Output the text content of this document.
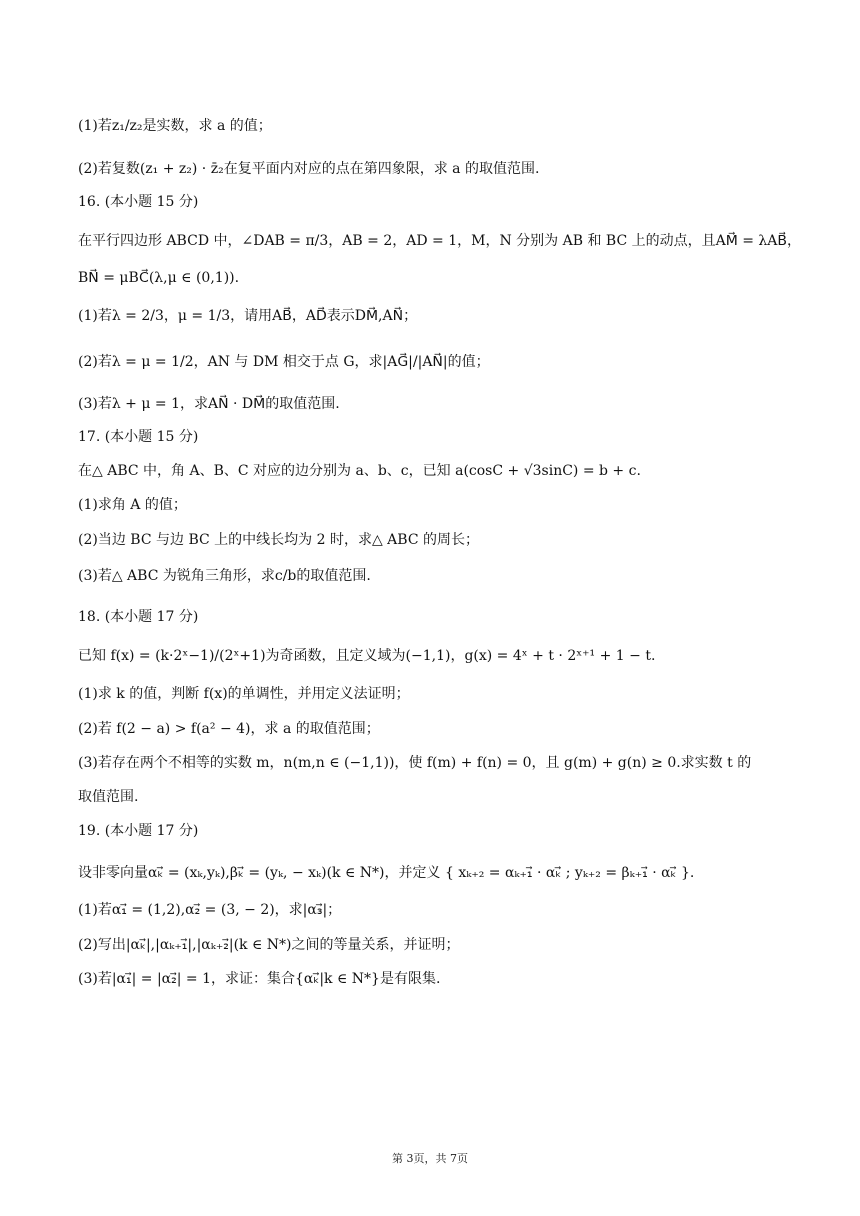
(1)若z₁/z₂是实数，求 a 的值；
(2)若复数(z₁ + z₂) · z̄₂在复平面内对应的点在第四象限，求 a 的取值范围.
16. (本小题 15 分)
在平行四边形 ABCD 中，∠DAB = π/3，AB = 2，AD = 1，M，N 分别为 AB 和 BC 上的动点，且AM⃗ = λAB⃗，
BN⃗ = μBC⃗(λ,μ ∈ (0,1)).
(1)若λ = 2/3，μ = 1/3，请用AB⃗，AD⃗表示DM⃗,AN⃗；
(2)若λ = μ = 1/2，AN 与 DM 相交于点 G，求|AG⃗|/|AN⃗|的值；
(3)若λ + μ = 1，求AN⃗ · DM⃗的取值范围.
17. (本小题 15 分)
在△ ABC 中，角 A、B、C 对应的边分别为 a、b、c，已知 a(cosC + √3sinC) = b + c.
(1)求角 A 的值；
(2)当边 BC 与边 BC 上的中线长均为 2 时，求△ ABC 的周长；
(3)若△ ABC 为锐角三角形，求c/b的取值范围.
18. (本小题 17 分)
已知 f(x) = (k·2ˣ−1)/(2ˣ+1)为奇函数，且定义域为(−1,1)，g(x) = 4ˣ + t · 2ˣ⁺¹ + 1 − t.
(1)求 k 的值，判断 f(x)的单调性，并用定义法证明；
(2)若 f(2 − a) > f(a² − 4)，求 a 的取值范围；
(3)若存在两个不相等的实数 m，n(m,n ∈ (−1,1))，使 f(m) + f(n) = 0，且 g(m) + g(n) ≥ 0.求实数 t 的
取值范围.
19. (本小题 17 分)
设非零向量αₖ⃗ = (xₖ,yₖ),βₖ⃗ = (yₖ, − xₖ)(k ∈ N*)，并定义 { xₖ₊₂ = αₖ₊₁⃗ · αₖ⃗ ; yₖ₊₂ = βₖ₊₁⃗ · αₖ⃗ }.
(1)若α₁⃗ = (1,2),α₂⃗ = (3, − 2)，求|α₃⃗|；
(2)写出|αₖ⃗|,|αₖ₊₁⃗|,|αₖ₊₂⃗|(k ∈ N*)之间的等量关系，并证明；
(3)若|α₁⃗| = |α₂⃗| = 1，求证：集合{αₖ⃗|k ∈ N*}是有限集.
第 3页，共 7页
